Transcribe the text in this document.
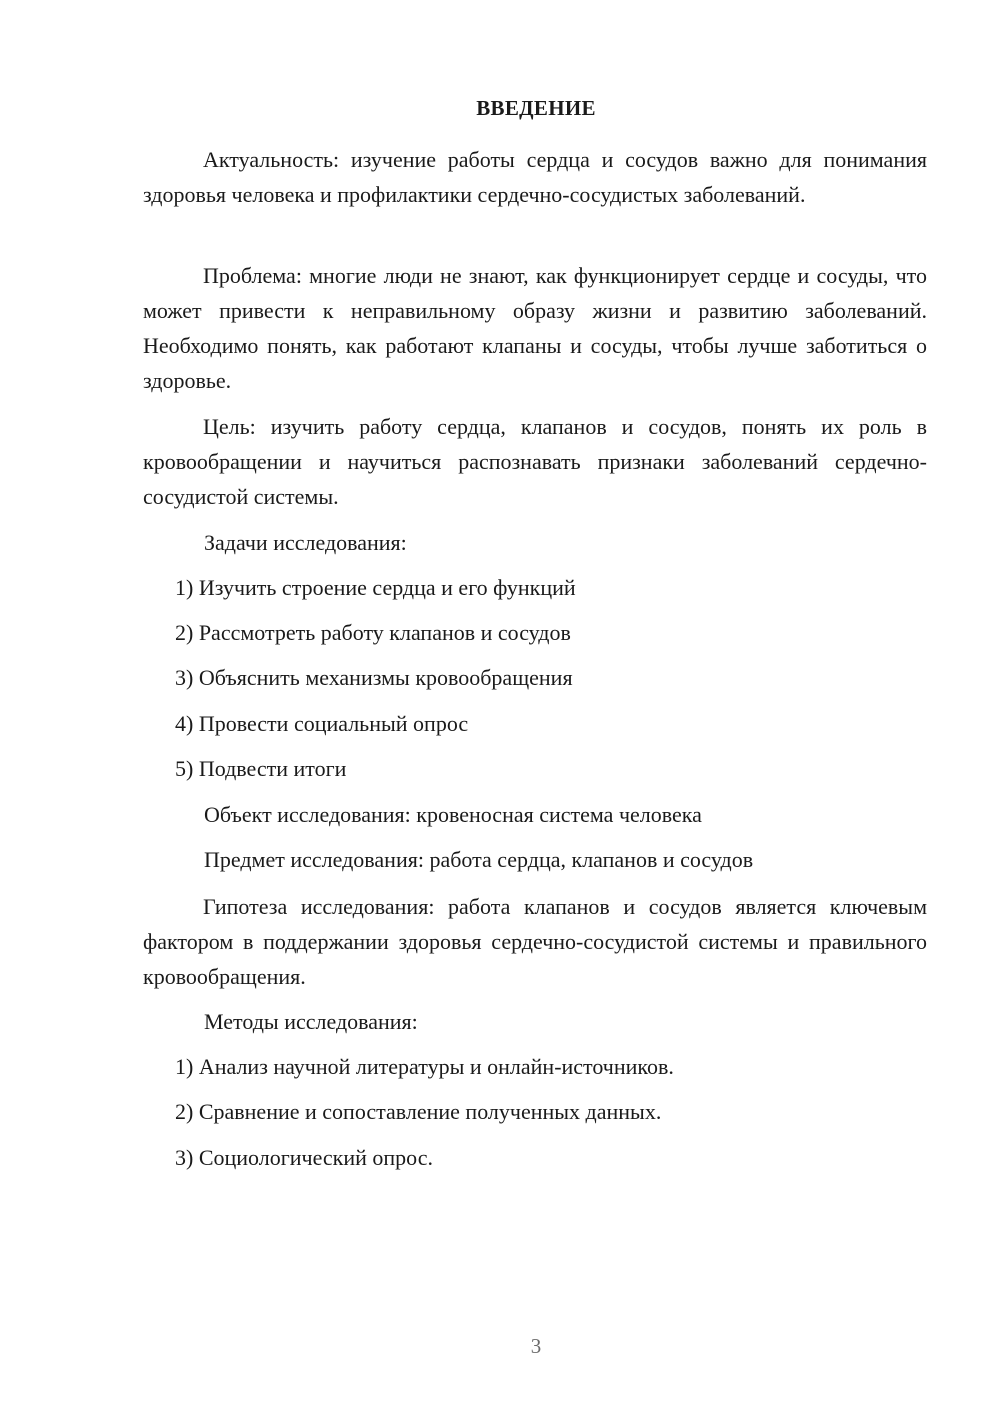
ВВЕДЕНИЕ
Актуальность: изучение работы сердца и сосудов важно для понимания здоровья человека и профилактики сердечно-сосудистых заболеваний.
Проблема: многие люди не знают, как функционирует сердце и сосуды, что может привести к неправильному образу жизни и развитию заболеваний. Необходимо понять, как работают клапаны и сосуды, чтобы лучше заботиться о здоровье.
Цель: изучить работу сердца, клапанов и сосудов, понять их роль в кровообращении и научиться распознавать признаки заболеваний сердечно-сосудистой системы.
Задачи исследования:
1) Изучить строение сердца и его функций
2) Рассмотреть работу клапанов и сосудов
3) Объяснить механизмы кровообращения
4) Провести социальный опрос
5) Подвести итоги
Объект исследования: кровеносная система человека
Предмет исследования: работа сердца, клапанов и сосудов
Гипотеза исследования: работа клапанов и сосудов является ключевым фактором в поддержании здоровья сердечно-сосудистой системы и правильного кровообращения.
Методы исследования:
1) Анализ научной литературы и онлайн-источников.
2) Сравнение и сопоставление полученных данных.
3) Социологический опрос.
3
